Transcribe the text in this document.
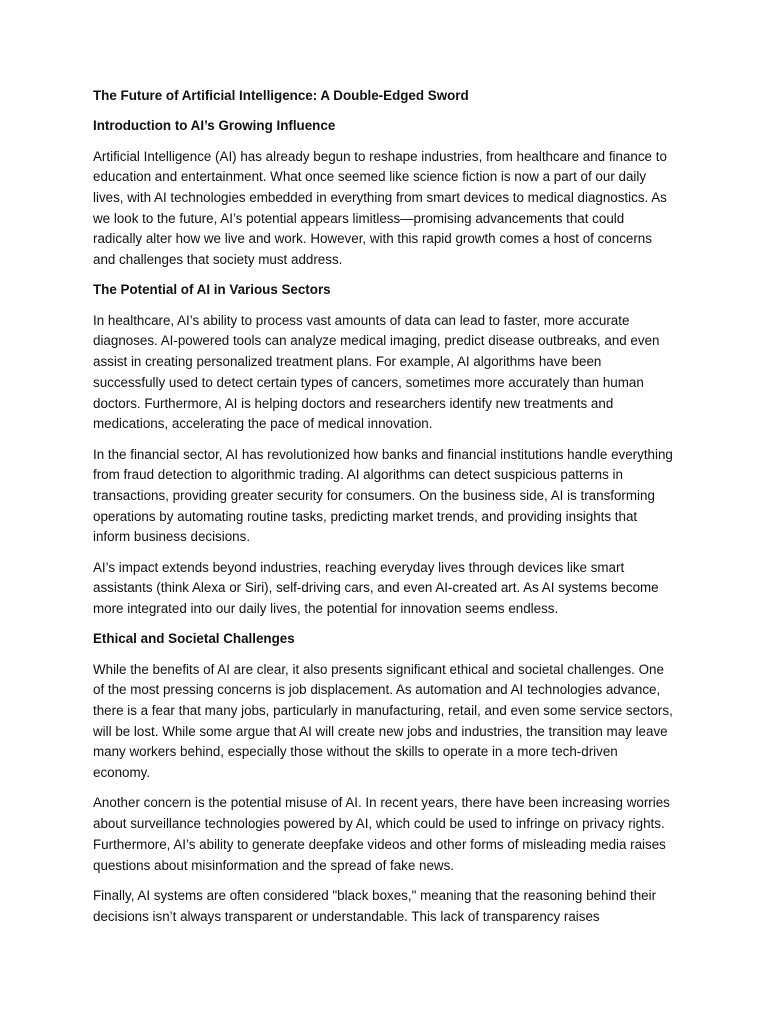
The Future of Artificial Intelligence: A Double-Edged Sword
Introduction to AI’s Growing Influence

Artificial Intelligence (AI) has already begun to reshape industries, from healthcare and finance to education and entertainment. What once seemed like science fiction is now a part of our daily lives, with AI technologies embedded in everything from smart devices to medical diagnostics. As we look to the future, AI’s potential appears limitless—promising advancements that could radically alter how we live and work. However, with this rapid growth comes a host of concerns and challenges that society must address.

The Potential of AI in Various Sectors

In healthcare, AI’s ability to process vast amounts of data can lead to faster, more accurate diagnoses. AI-powered tools can analyze medical imaging, predict disease outbreaks, and even assist in creating personalized treatment plans. For example, AI algorithms have been successfully used to detect certain types of cancers, sometimes more accurately than human doctors. Furthermore, AI is helping doctors and researchers identify new treatments and medications, accelerating the pace of medical innovation.

In the financial sector, AI has revolutionized how banks and financial institutions handle everything from fraud detection to algorithmic trading. AI algorithms can detect suspicious patterns in transactions, providing greater security for consumers. On the business side, AI is transforming operations by automating routine tasks, predicting market trends, and providing insights that inform business decisions.

AI’s impact extends beyond industries, reaching everyday lives through devices like smart assistants (think Alexa or Siri), self-driving cars, and even AI-created art. As AI systems become more integrated into our daily lives, the potential for innovation seems endless.

Ethical and Societal Challenges

While the benefits of AI are clear, it also presents significant ethical and societal challenges. One of the most pressing concerns is job displacement. As automation and AI technologies advance, there is a fear that many jobs, particularly in manufacturing, retail, and even some service sectors, will be lost. While some argue that AI will create new jobs and industries, the transition may leave many workers behind, especially those without the skills to operate in a more tech-driven economy.

Another concern is the potential misuse of AI. In recent years, there have been increasing worries about surveillance technologies powered by AI, which could be used to infringe on privacy rights. Furthermore, AI’s ability to generate deepfake videos and other forms of misleading media raises questions about misinformation and the spread of fake news.

Finally, AI systems are often considered "black boxes," meaning that the reasoning behind their decisions isn’t always transparent or understandable. This lack of transparency raises
